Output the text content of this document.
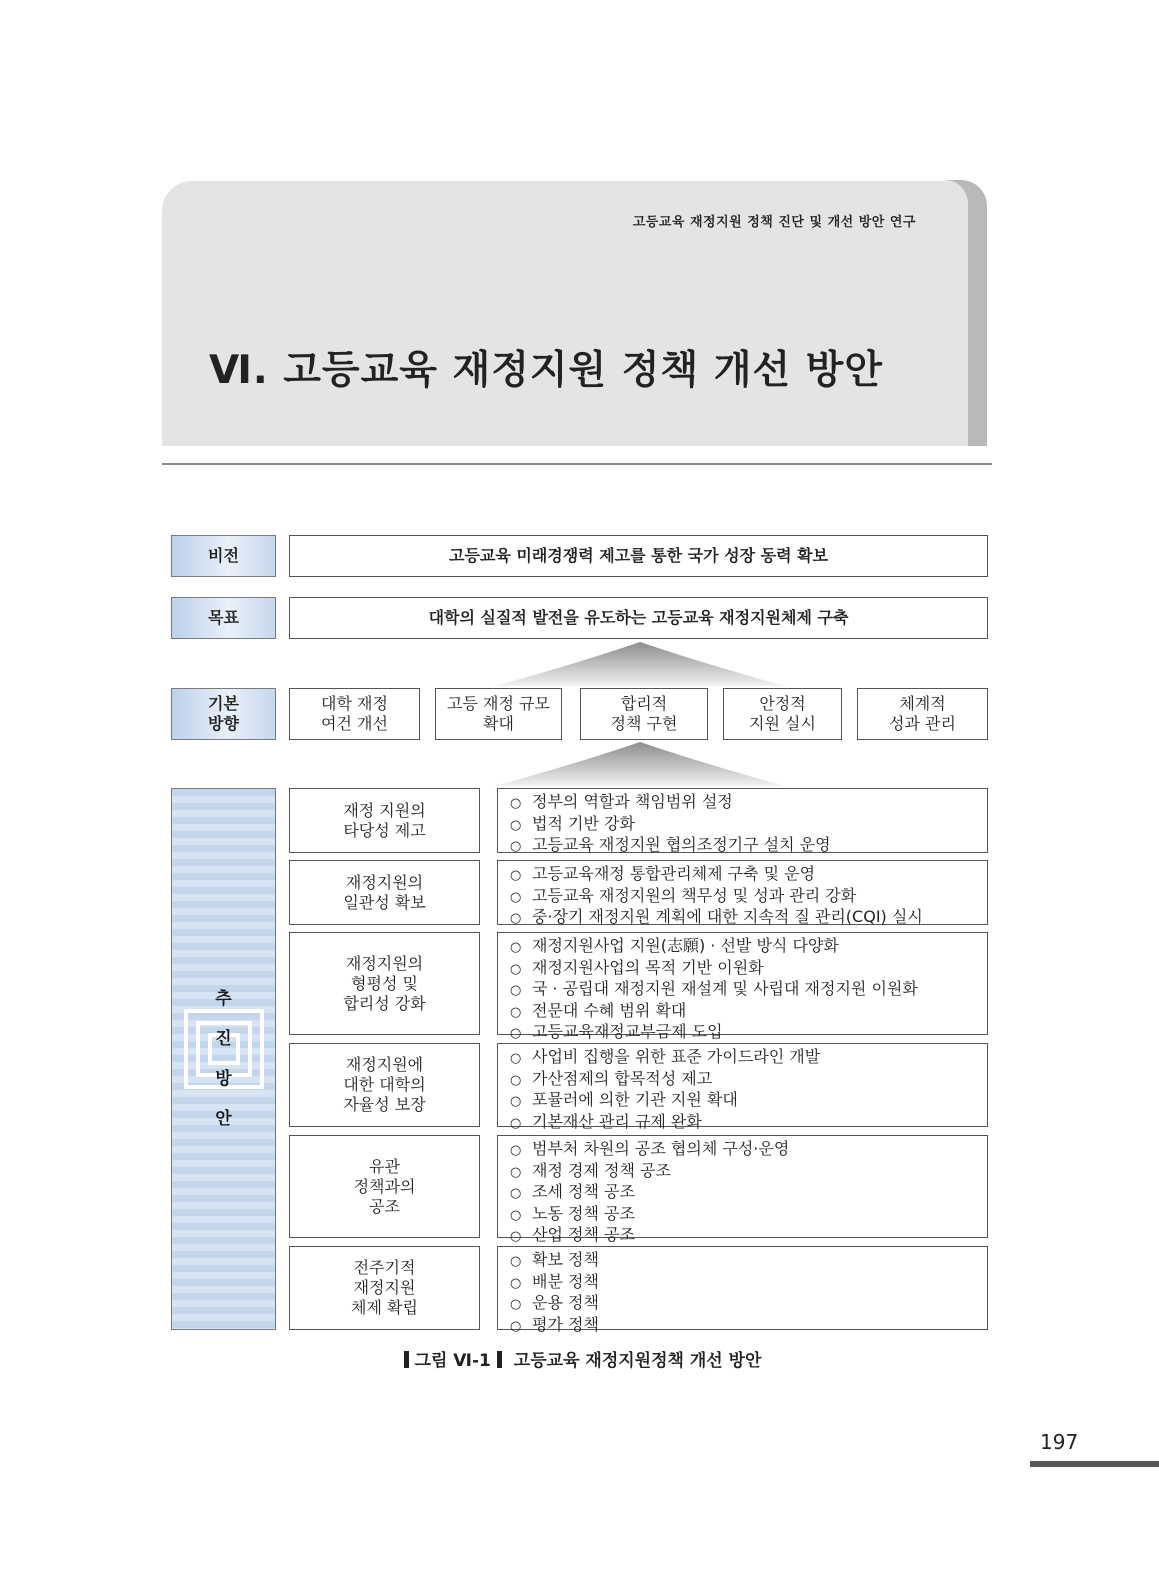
고등교육 재정지원 정책 진단 및 개선 방안 연구
Ⅵ. 고등교육 재정지원 정책 개선 방안
비전	고등교육 미래경쟁력 제고를 통한 국가 성장 동력 확보
목표	대학의 실질적 발전을 유도하는 고등교육 재정지원체제 구축
기본
방향
대학 재정
여건 개선
고등 재정 규모
확대
합리적
정책 구현
안정적
지원 실시
체계적
성과 관리
추
진
방
안
재정 지원의
타당성 제고
○ 정부의 역할과 책임범위 설정
○ 법적 기반 강화
○ 고등교육 재정지원 협의조정기구 설치 운영
재정지원의
일관성 확보
○ 고등교육재정 통합관리체제 구축 및 운영
○ 고등교육 재정지원의 책무성 및 성과 관리 강화
○ 중·장기 재정지원 계획에 대한 지속적 질 관리(CQI) 실시
재정지원의
형평성 및
합리성 강화
○ 재정지원사업 지원(志願) · 선발 방식 다양화
○ 재정지원사업의 목적 기반 이원화
○ 국 · 공립대 재정지원 재설계 및 사립대 재정지원 이원화
○ 전문대 수혜 범위 확대
○ 고등교육재정교부금제 도입
재정지원에
대한 대학의
자율성 보장
○ 사업비 집행을 위한 표준 가이드라인 개발
○ 가산점제의 합목적성 제고
○ 포뮬러에 의한 기관 지원 확대
○ 기본재산 관리 규제 완화
유관
정책과의
공조
○ 범부처 차원의 공조 협의체 구성·운영
○ 재정 경제 정책 공조
○ 조세 정책 공조
○ 노동 정책 공조
○ 산업 정책 공조
전주기적
재정지원
체제 확립
○ 확보 정책
○ 배분 정책
○ 운용 정책
○ 평가 정책
그림 Ⅵ-1 고등교육 재정지원정책 개선 방안
197
